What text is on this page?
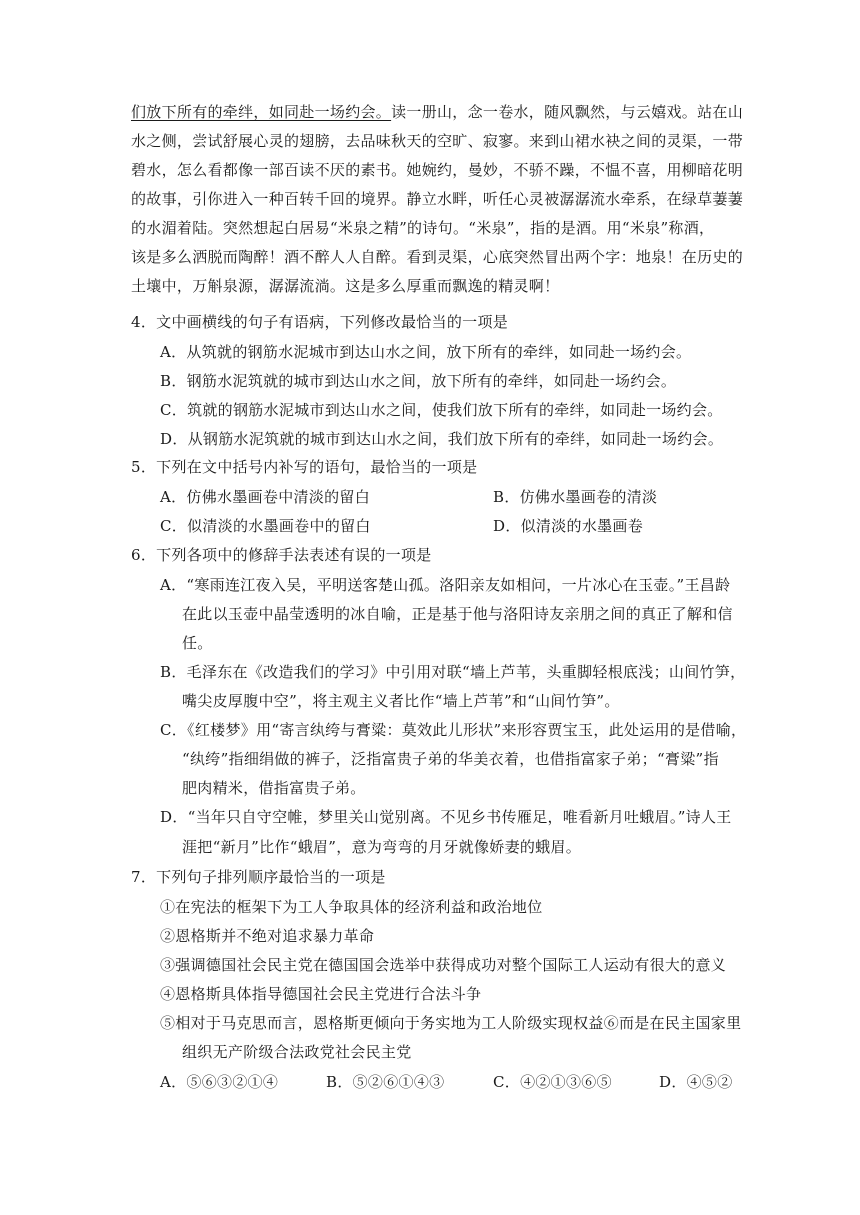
们放下所有的牵绊，如同赴一场约会。读一册山，念一卷水，随风飘然，与云嬉戏。站在山
水之侧，尝试舒展心灵的翅膀，去品味秋天的空旷、寂寥。来到山裙水袂之间的灵渠，一带
碧水，怎么看都像一部百读不厌的素书。她婉约，曼妙，不骄不躁，不愠不喜，用柳暗花明
的故事，引你进入一种百转千回的境界。静立水畔，听任心灵被潺潺流水牵系，在绿草萋萋
的水湄着陆。突然想起白居易“米泉之精”的诗句。“米泉”，指的是酒。用“米泉”称酒，
该是多么洒脱而陶醉！酒不醉人人自醉。看到灵渠，心底突然冒出两个字：地泉！在历史的
土壤中，万斛泉源，潺潺流淌。这是多么厚重而飘逸的精灵啊！
4．文中画横线的句子有语病，下列修改最恰当的一项是
A．从筑就的钢筋水泥城市到达山水之间，放下所有的牵绊，如同赴一场约会。
B．钢筋水泥筑就的城市到达山水之间，放下所有的牵绊，如同赴一场约会。
C．筑就的钢筋水泥城市到达山水之间，使我们放下所有的牵绊，如同赴一场约会。
D．从钢筋水泥筑就的城市到达山水之间，我们放下所有的牵绊，如同赴一场约会。
5．下列在文中括号内补写的语句，最恰当的一项是
A．仿佛水墨画卷中清淡的留白	B．仿佛水墨画卷的清淡
C．似清淡的水墨画卷中的留白	D．似清淡的水墨画卷
6．下列各项中的修辞手法表述有误的一项是
A．“寒雨连江夜入吴，平明送客楚山孤。洛阳亲友如相问，一片冰心在玉壶。”王昌龄
在此以玉壶中晶莹透明的冰自喻，正是基于他与洛阳诗友亲朋之间的真正了解和信
任。
B．毛泽东在《改造我们的学习》中引用对联“墙上芦苇，头重脚轻根底浅；山间竹笋，
嘴尖皮厚腹中空”，将主观主义者比作“墙上芦苇”和“山间竹笋”。
C．《红楼梦》用“寄言纨绔与膏粱：莫效此儿形状”来形容贾宝玉，此处运用的是借喻，
“纨绔”指细绢做的裤子，泛指富贵子弟的华美衣着，也借指富家子弟；“膏粱”指
肥肉精米，借指富贵子弟。
D．“当年只自守空帷，梦里关山觉别离。不见乡书传雁足，唯看新月吐蛾眉。”诗人王
涯把“新月”比作“蛾眉”，意为弯弯的月牙就像娇妻的蛾眉。
7．下列句子排列顺序最恰当的一项是
①在宪法的框架下为工人争取具体的经济利益和政治地位
②恩格斯并不绝对追求暴力革命
③强调德国社会民主党在德国国会选举中获得成功对整个国际工人运动有很大的意义
④恩格斯具体指导德国社会民主党进行合法斗争
⑤相对于马克思而言，恩格斯更倾向于务实地为工人阶级实现权益⑥而是在民主国家里
组织无产阶级合法政党社会民主党
A．⑤⑥③②①④	B．⑤②⑥①④③	C．④②①③⑥⑤	D．④⑤②
